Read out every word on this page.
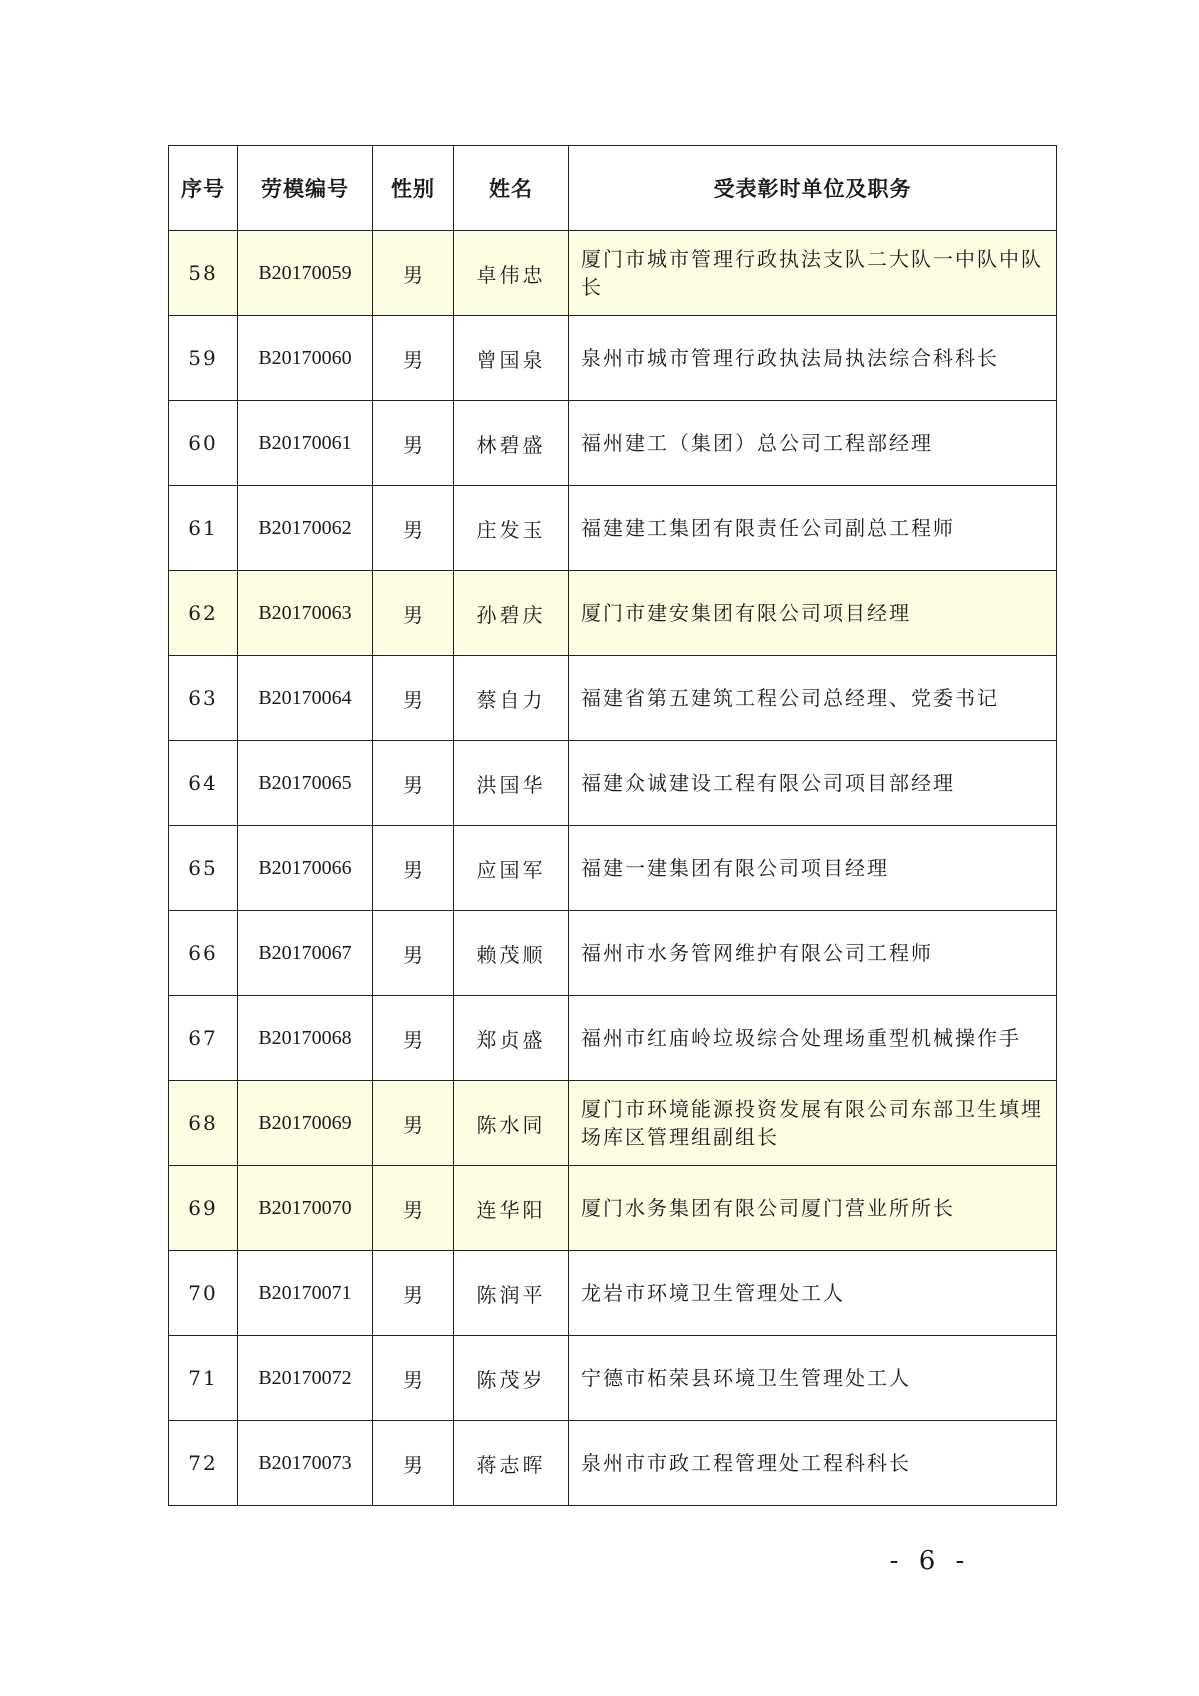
序号	劳模编号	性别	姓名	受表彰时单位及职务
58	B20170059	男	卓伟忠	厦门市城市管理行政执法支队二大队一中队中队长
59	B20170060	男	曾国泉	泉州市城市管理行政执法局执法综合科科长
60	B20170061	男	林碧盛	福州建工（集团）总公司工程部经理
61	B20170062	男	庄发玉	福建建工集团有限责任公司副总工程师
62	B20170063	男	孙碧庆	厦门市建安集团有限公司项目经理
63	B20170064	男	蔡自力	福建省第五建筑工程公司总经理、党委书记
64	B20170065	男	洪国华	福建众诚建设工程有限公司项目部经理
65	B20170066	男	应国军	福建一建集团有限公司项目经理
66	B20170067	男	赖茂顺	福州市水务管网维护有限公司工程师
67	B20170068	男	郑贞盛	福州市红庙岭垃圾综合处理场重型机械操作手
68	B20170069	男	陈水同	厦门市环境能源投资发展有限公司东部卫生填埋场库区管理组副组长
69	B20170070	男	连华阳	厦门水务集团有限公司厦门营业所所长
70	B20170071	男	陈润平	龙岩市环境卫生管理处工人
71	B20170072	男	陈茂岁	宁德市柘荣县环境卫生管理处工人
72	B20170073	男	蒋志晖	泉州市市政工程管理处工程科科长
- 6 -
